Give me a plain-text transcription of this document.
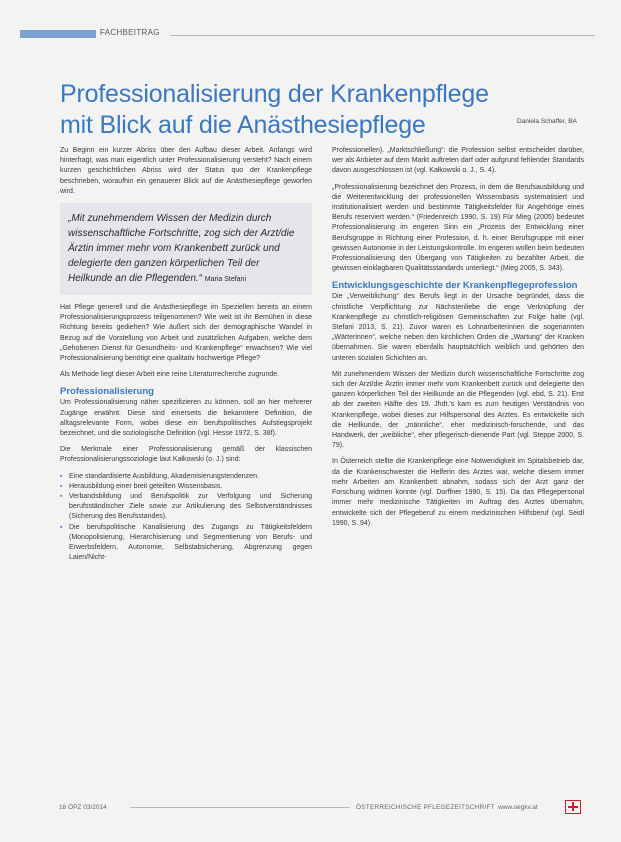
FACHBEITRAG
Professionalisierung der Krankenpflege
mit Blick auf die Anästhesiepflege	Daniela Schaffer, BA

Zu Beginn ein kurzer Abriss über den Aufbau dieser Arbeit. Anfangs wird hinterfragt, was man eigentlich unter Professionalisierung versteht? Nach einem kurzen geschichtlichen Abriss wird der Status quo der Krankenpflege beschrieben, woraufhin ein genauerer Blick auf die Anästhesiepflege geworfen wird.

„Mit zunehmendem Wissen der Medizin durch wissenschaftliche Fortschritte, zog sich der Arzt/die Ärztin immer mehr vom Krankenbett zurück und delegierte den ganzen körperlichen Teil der Heilkunde an die Pflegenden.“ Maria Stefani

Hat Pflege generell und die Anästhesiepflege im Speziellen bereits an einem Professionalisierungsprozess teilgenommen? Wie weit ist ihr Bemühen in diese Richtung bereits gediehen? Wie äußert sich der demographische Wandel in Bezug auf die Vorstellung von Arbeit und zusätzlichen Aufgaben, welche dem „Gehobenen Dienst für Gesundheits- und Krankenpflege“ erwachsen? Wie viel Professionalisierung benötigt eine qualitativ hochwertige Pflege?

Als Methode liegt dieser Arbeit eine reine Literaturrecherche zugrunde.

Professionalisierung

Um Professionalisierung näher spezifizieren zu können, soll an hier mehrerer Zugänge erwähnt. Diese sind einerseits die bekanntere Definition, die alltagsrelevante Form, wobei diese ein berufspolitisches Aufstiegsprojekt bezeichnet, und die soziologische Definition (vgl. Hesse 1972, S. 38f).

Die Merkmale einer Professionalisierung gemäß der klassischen Professionalisierungssoziologie laut Kałkowski (o. J.) sind:

▪ Eine standardisierte Ausbildung, Akademisierungstendenzen.
▪ Herausbildung einer breit geteilten Wissensbasis.
▪ Verbandsbildung und Berufspolitik zur Verfolgung und Sicherung berufsständischer Ziele sowie zur Artikulierung des Selbstverständnisses (Sicherung des Berufsstandes).
▪ Die berufspolitische Kanalisierung des Zugangs zu Tätigkeitsfeldern (Monopolisierung, Hierarchisierung und Segmentierung von Berufs- und Erwerbsfeldern, Autonomie, Selbstabsicherung, Abgrenzung gegen Laien/Nicht-

Professionellen). „Marktschließung“: die Profession selbst entscheidet darüber, wer als Anbieter auf dem Markt auftreten darf oder aufgrund fehlender Standards davon ausgeschlossen ist (vgl. Kałkowski o. J., S. 4).

„Professionalisierung bezeichnet den Prozess, in dem die Berufsausbildung und die Weiterentwicklung der professionellen Wissensbasis systematisiert und institutionalisiert werden und bestimmte Tätigkeitsfelder für Angehörige eines Berufs reserviert werden.“ (Friedenreich 1990, S. 19) Für Mieg (2005) bedeutet Professionalisierung im engeren Sinn ein „Prozess der Entwicklung einer Berufsgruppe in Richtung einer Profession, d. h. einer Berufsgruppe mit einer gewissen Autonomie in der Leistungskontrolle. Im engeren wollen beim bedeuten Professionalisierung den Übergang von Tätigkeiten zu bezahlter Arbeit, die gewissen einklagbaren Qualitätsstandards unterliegt.“ (Mieg 2005, S. 343).

Entwicklungsgeschichte der Krankenpflegeprofession

Die „Verweiblichung“ des Berufs liegt in der Ursache begründet, dass die christliche Verpflichtung zur Nächstenliebe die enge Verknüpfung der Krankenpflege zu christlich-religiösen Gemeinschaften zur Folge hatte (vgl. Stefani 2013, S. 21). Zuvor waren es Lohnarbeiterinnen die sogenannten „Wärterinnen“, welche neben den kirchlichen Orden die „Wartung“ der Kranken übernahmen. Sie waren ebenfalls hauptsächlich weiblich und gehörten den unteren sozialen Schichten an.

Mit zunehmendem Wissen der Medizin durch wissenschaftliche Fortschritte zog sich der Arzt/die Ärztin immer mehr vom Krankenbett zurück und delegierte den ganzen körperlichen Teil der Heilkunde an die Pflegenden (vgl. ebd, S. 21). Erst ab der zweiten Hälfte des 19. Jhdt.'s kam es zum heutigen Verständnis von Krankenpflege, wobei dieses zur Hilfspersonal des Arztes. Es entwickelte sich die Heilkunde, der „männliche“, eher medizinisch-forschende, und das Handwerk, der „weibliche“, eher pflegerisch-dienende Part (vgl. Steppe 2000, S. 79).

In Österreich stellte die Krankenpflege eine Notwendigkeit im Spitalsbetrieb dar, da die Krankenschwester die Helferin des Arztes war, welche diesem immer mehr Arbeiten am Krankenbett abnahm, sodass sich der Arzt ganz der Forschung widmen konnte (vgl. Dorffner 1990, S. 15). Da das Pflegepersonal immer mehr medizinische Tätigkeiten im Auftrag des Arztes übernahm, entwickelte sich der Pflegeberuf zu einem medizinischen Hilfsberuf (vgl. Seidl 1990, S. 94).

18 ÖPZ 03/2014	ÖSTERREICHISCHE PFLEGEZEITSCHRIFT www.oegkv.at
